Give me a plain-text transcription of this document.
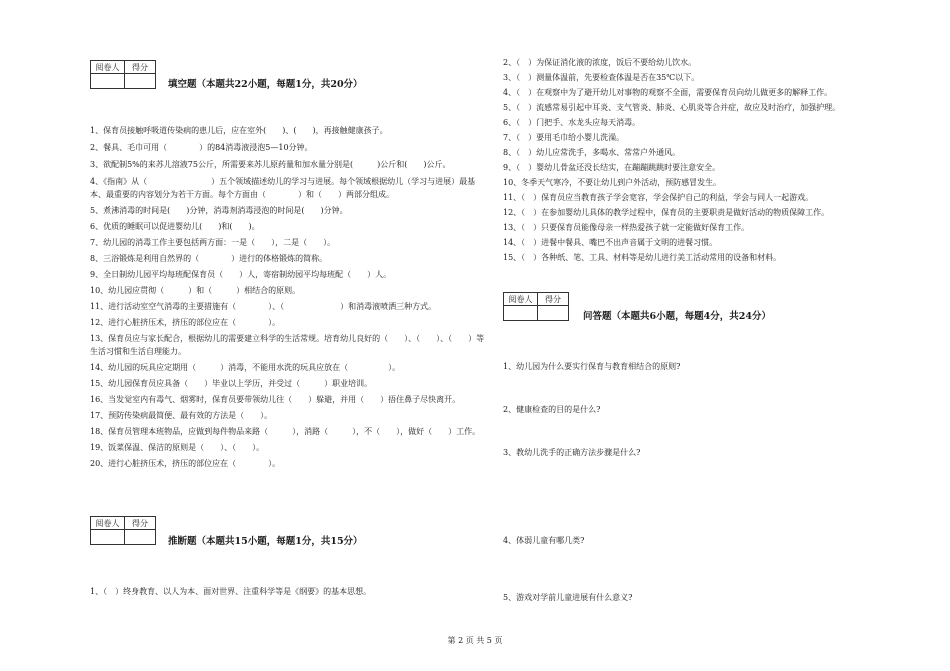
阅卷人	得分

填空题（本题共22小题，每题1分，共20分）

1、保育员接触呼吸道传染病的患儿后，应在室外(　　)、(　　)，再接触健康孩子。

2、餐具、毛巾可用（　　　　）的84消毒液浸泡5—10分钟。

3、欲配制5%的来苏儿溶液75公斤，所需要来苏儿原药量和加水量分别是(　　　)公斤和(　　)公斤。

4、《指南》从（　　　　　　　　）五个领域描述幼儿的学习与进展。每个领域根据幼儿（学习与进展）最基本、最重要的内容划分为若干方面。每个方面由（　　　　）和（　　）两部分组成。

5、煮沸消毒的时间是(　　)分钟，消毒剂消毒浸泡的时间是(　　)分钟。

6、优质的睡眠可以促进婴幼儿(　　)和(　　)。

7、幼儿园的消毒工作主要包括两方面：一是（　　），二是（　　）。

8、三浴锻炼是利用自然界的（　　　　）进行的体格锻炼的简称。

9、全日制幼儿园平均每班配保育员（　　）人，寄宿制幼园平均每班配（　　）人。

10、幼儿园应贯彻（　　　）和（　　　）相结合的原则。

11、进行活动室空气消毒的主要措施有（　　　　）、（　　　　　　　）和消毒液喷洒三种方式。

12、进行心脏挤压术，挤压的部位应在（　　　　）。

13、保育员应与家长配合，根据幼儿的需要建立科学的生活常规。培育幼儿良好的（　　）、（　　）、（　　）等生活习惯和生活自理能力。

14、幼儿园的玩具应定期用（　　　）消毒，不能用水洗的玩具应放在（　　　　　）。

15、幼儿园保育员应具备（　　）毕业以上学历，并受过（　　　）职业培训。

16、当发觉室内有毒气、烟雾时，保育员要带领幼儿往（　　）躲避，并用（　　）捂住鼻子尽快离开。

17、预防传染病最简便、最有效的方法是（　　）。

18、保育员管理本班物品，应做到每件物品来路（　　　），消路（　　　），不（　　），做好（　　）工作。

19、饭菜保温、保洁的原则是（　　）、（　　）。

20、进行心脏挤压术，挤压的部位应在（　　　　）。

阅卷人	得分

推断题（本题共15小题，每题1分，共15分）

1、（　）终身教育、以人为本、面对世界、注重科学等是《纲要》的基本思想。

2、（　）为保证消化液的浓度，饭后不要给幼儿饮水。

3、（　）测量体温前，先要检查体温是否在35℃以下。

4、（　）在观察中为了避开幼儿对事物的观察不全面，需要保育员向幼儿做更多的解释工作。

5、（　）流感常易引起中耳炎、支气管炎、肺炎、心肌炎等合并症，故应及时治疗，加强护理。

6、（　）门把手、水龙头应每天消毒。

7、（　）要用毛巾给小婴儿洗澡。

8、（　）幼儿应常洗手，多喝水、常常户外通风。

9、（　）婴幼儿骨盆还没长结实，在蹦蹦跳跳时要注意安全。

10、冬季天气寒冷，不要让幼儿到户外活动，预防感冒发生。

11、（　）保育员应当教育孩子学会宽容，学会保护自己的利益，学会与同人一起游戏。

12、（　）在参加婴幼儿具体的教学过程中，保育员的主要职责是做好活动的物质保障工作。

13、（　）只要保育员能像母亲一样热爱孩子就一定能做好保育工作。

14、（　）进餐中餐具、嘴巴不出声音属于文明的进餐习惯。

15、（　）各种纸、笔、工具、材料等是幼儿进行美工活动常用的设备和材料。

阅卷人	得分

问答题（本题共6小题，每题4分，共24分）

1、幼儿园为什么要实行保育与教育相结合的原则?

2、健康检查的目的是什么?

3、教幼儿洗手的正确方法步骤是什么?

4、体弱儿童有哪几类?

5、游戏对学前儿童进展有什么意义?

第 2 页 共 5 页
